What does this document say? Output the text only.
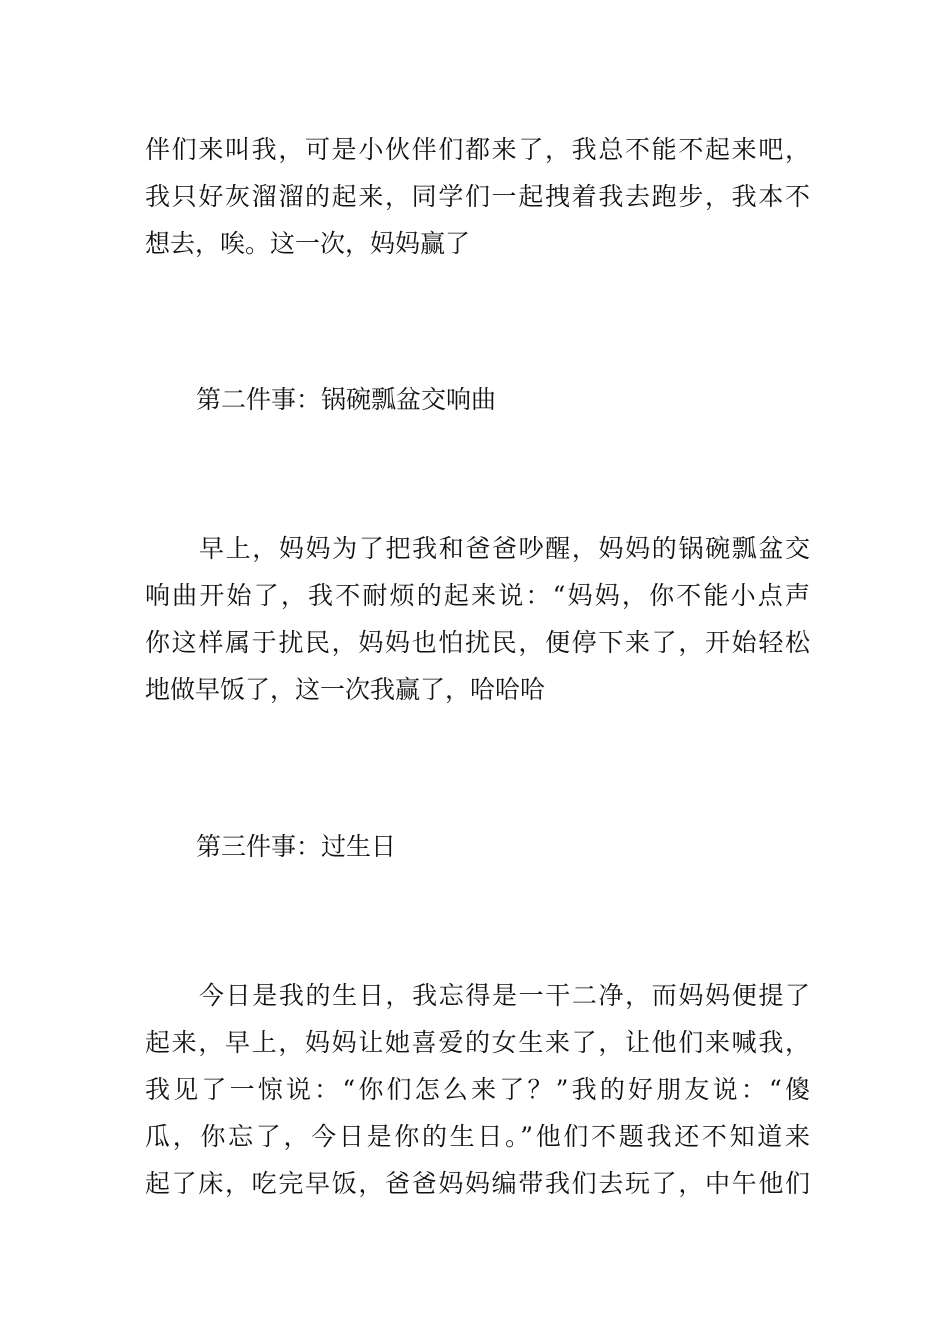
伴们来叫我，可是小伙伴们都来了，我总不能不起来吧，
我只好灰溜溜的起来，同学们一起拽着我去跑步，我本不
想去，唉。这一次，妈妈赢了

第二件事：锅碗瓢盆交响曲

早上，妈妈为了把我和爸爸吵醒，妈妈的锅碗瓢盆交
响曲开始了，我不耐烦的起来说：“妈妈，你不能小点声
你这样属于扰民，妈妈也怕扰民，便停下来了，开始轻松
地做早饭了，这一次我赢了，哈哈哈

第三件事：过生日

今日是我的生日，我忘得是一干二净，而妈妈便提了
起来，早上，妈妈让她喜爱的女生来了，让他们来喊我，
我见了一惊说：“你们怎么来了？”我的好朋友说：“傻
瓜，你忘了，今日是你的生日。”他们不题我还不知道来
起了床，吃完早饭，爸爸妈妈编带我们去玩了，中午他们
